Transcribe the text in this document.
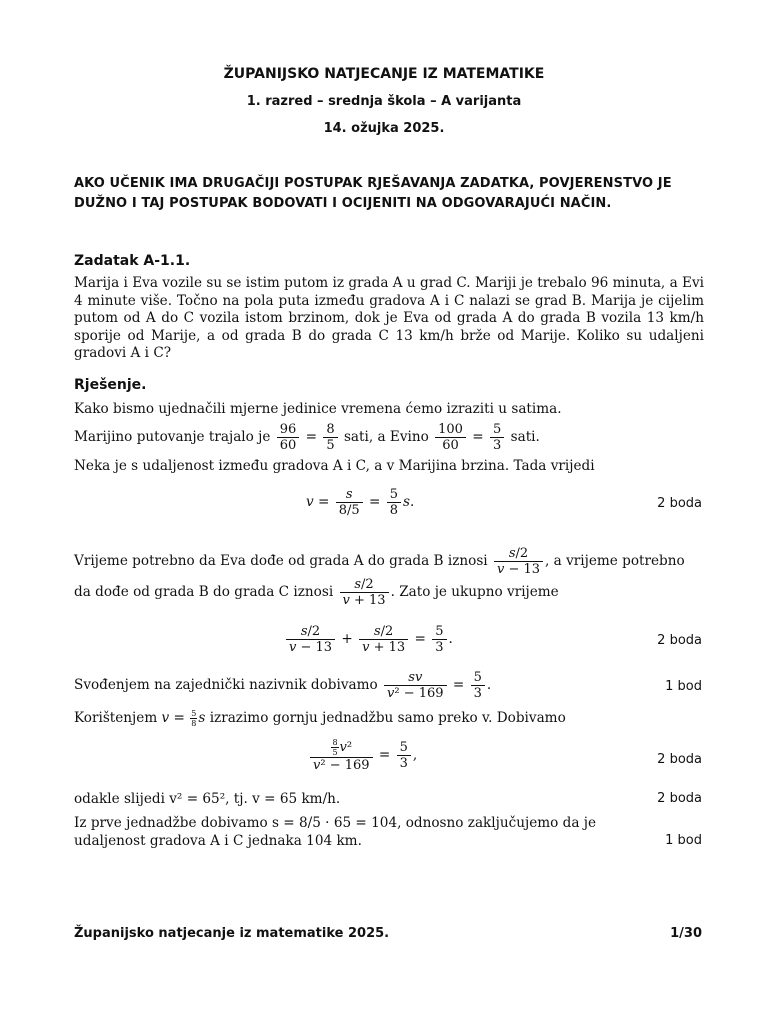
ŽUPANIJSKO NATJECANJE IZ MATEMATIKE
1. razred – srednja škola – A varijanta
14. ožujka 2025.
AKO UČENIK IMA DRUGAČIJI POSTUPAK RJEŠAVANJA ZADATKA, POVJERENSTVO JE DUŽNO I TAJ POSTUPAK BODOVATI I OCIJENITI NA ODGOVARAJUĆI NAČIN.
Zadatak A-1.1.
Marija i Eva vozile su se istim putom iz grada A u grad C. Mariji je trebalo 96 minuta, a Evi 4 minute više. Točno na pola puta između gradova A i C nalazi se grad B. Marija je cijelim putom od A do C vozila istom brzinom, dok je Eva od grada A do grada B vozila 13 km/h sporije od Marije, a od grada B do grada C 13 km/h brže od Marije. Koliko su udaljeni gradovi A i C?
Rješenje.
Kako bismo ujednačili mjerne jedinice vremena ćemo izraziti u satima.
Marijino putovanje trajalo je $\frac{96}{60} = \frac{8}{5}$ sati, a Evino $\frac{100}{60} = \frac{5}{3}$ sati.
Neka je s udaljenost između gradova A i C, a v Marijina brzina. Tada vrijedi
$v = \frac{s}{8/5} = \frac{5}{8} s$.	2 boda
Vrijeme potrebno da Eva dođe od grada A do grada B iznosi $\frac{s/2}{v - 13}$ , a vrijeme potrebno
da dođe od grada B do grada C iznosi $\frac{s/2}{v + 13}$ . Zato je ukupno vrijeme
$\frac{s/2}{v - 13} + \frac{s/2}{v + 13} = \frac{5}{3}$ .	2 boda
Svođenjem na zajednički nazivnik dobivamo $\frac{sv}{\text{v² − 169}} = \frac{5}{3}$ .	1 bod
Korištenjem $v = \frac{5}{8}$ s izrazimo gornju jednadžbu samo preko v. Dobivamo
$\frac{\frac{8}{5} v^2}{\text{v² − 169}} = \frac{5}{3}$ ,	2 boda
odakle slijedi v² = 65², tj. v = 65 km/h.	2 boda
Iz prve jednadžbe dobivamo s = 8/5 · 65 = 104, odnosno zaključujemo da je udaljenost gradova A i C jednaka 104 km.	1 bod
Županijsko natjecanje iz matematike 2025.	1/30
